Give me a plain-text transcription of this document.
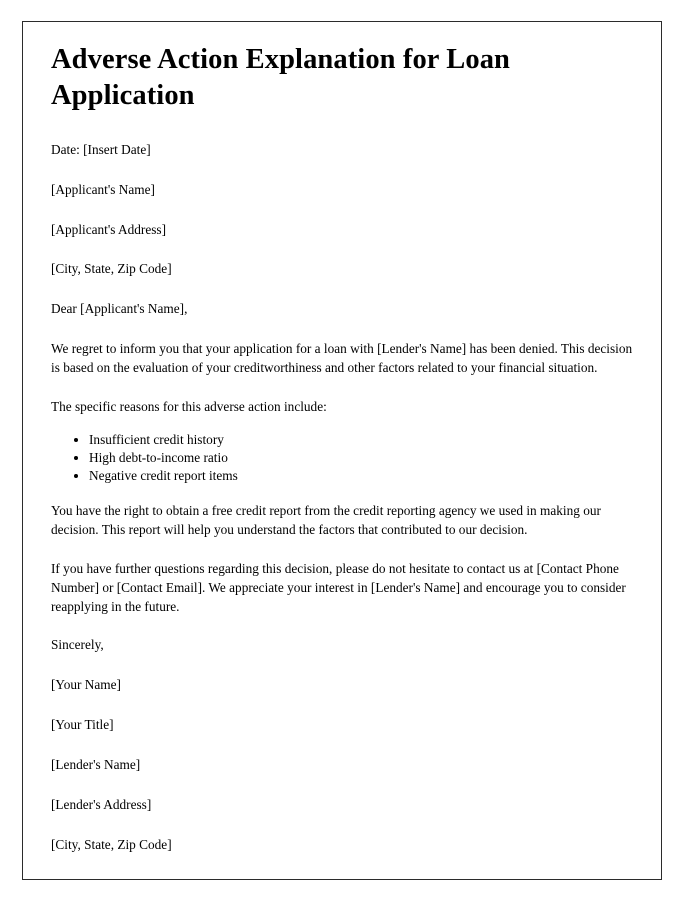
Adverse Action Explanation for Loan Application

Date: [Insert Date]

[Applicant's Name]

[Applicant's Address]

[City, State, Zip Code]

Dear [Applicant's Name],

We regret to inform you that your application for a loan with [Lender's Name] has been denied. This decision is based on the evaluation of your creditworthiness and other factors related to your financial situation.

The specific reasons for this adverse action include:

• Insufficient credit history
• High debt-to-income ratio
• Negative credit report items

You have the right to obtain a free credit report from the credit reporting agency we used in making our decision. This report will help you understand the factors that contributed to our decision.

If you have further questions regarding this decision, please do not hesitate to contact us at [Contact Phone Number] or [Contact Email]. We appreciate your interest in [Lender's Name] and encourage you to consider reapplying in the future.

Sincerely,

[Your Name]

[Your Title]

[Lender's Name]

[Lender's Address]

[City, State, Zip Code]
